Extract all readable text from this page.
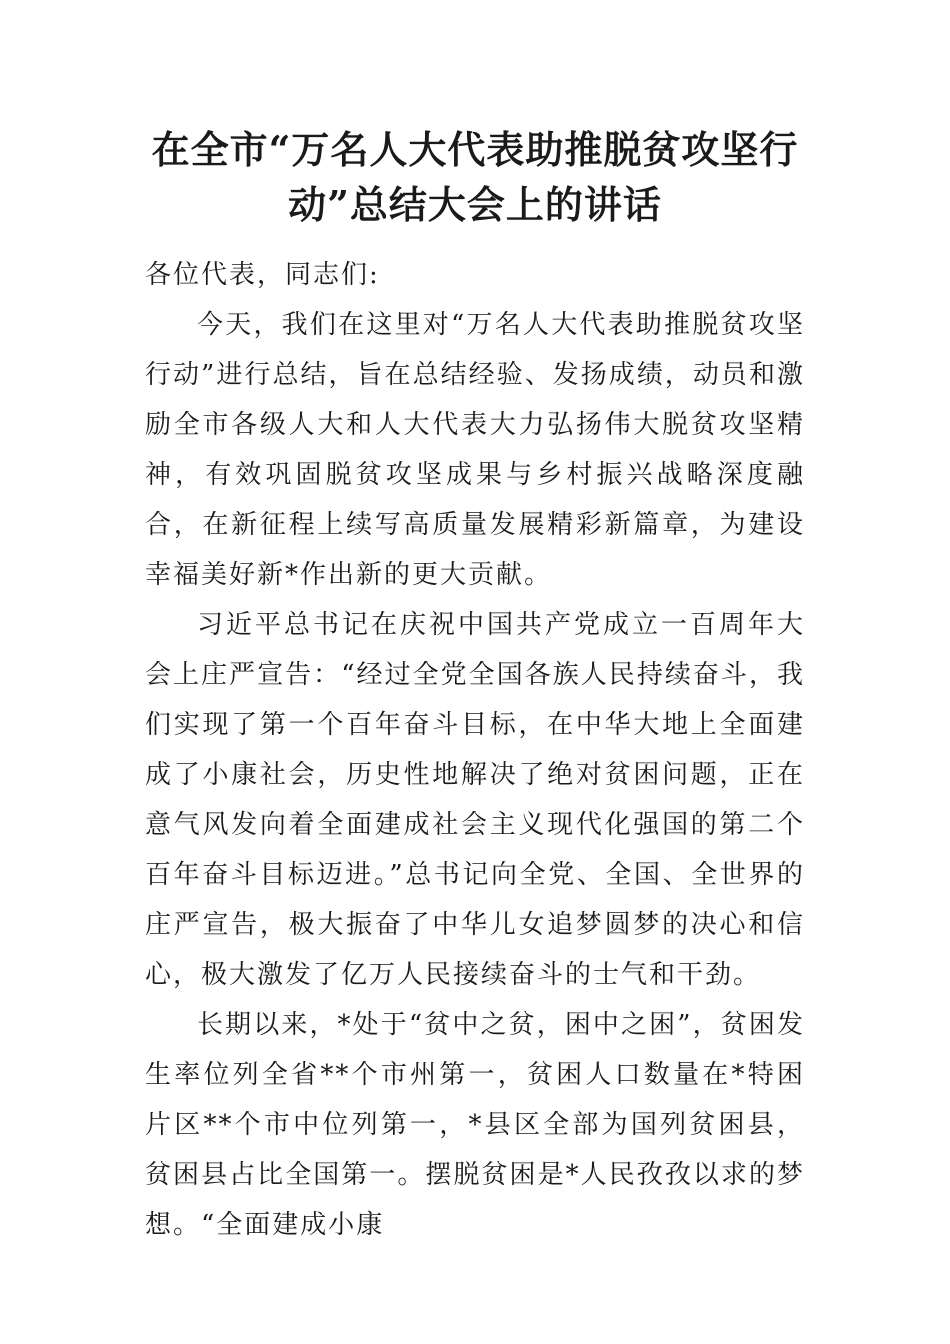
在全市“万名人大代表助推脱贫攻坚行动”总结大会上的讲话

各位代表，同志们:

今天，我们在这里对“万名人大代表助推脱贫攻坚行动”进行总结，旨在总结经验、发扬成绩，动员和激励全市各级人大和人大代表大力弘扬伟大脱贫攻坚精神，有效巩固脱贫攻坚成果与乡村振兴战略深度融合，在新征程上续写高质量发展精彩新篇章，为建设幸福美好新*作出新的更大贡献。

习近平总书记在庆祝中国共产党成立一百周年大会上庄严宣告：“经过全党全国各族人民持续奋斗，我们实现了第一个百年奋斗目标，在中华大地上全面建成了小康社会，历史性地解决了绝对贫困问题，正在意气风发向着全面建成社会主义现代化强国的第二个百年奋斗目标迈进。”总书记向全党、全国、全世界的庄严宣告，极大振奋了中华儿女追梦圆梦的决心和信心，极大激发了亿万人民接续奋斗的士气和干劲。

长期以来，*处于“贫中之贫，困中之困”，贫困发生率位列全省**个市州第一，贫困人口数量在*特困片区**个市中位列第一，*县区全部为国列贫困县，贫困县占比全国第一。摆脱贫困是*人民孜孜以求的梦想。“全面建成小康
